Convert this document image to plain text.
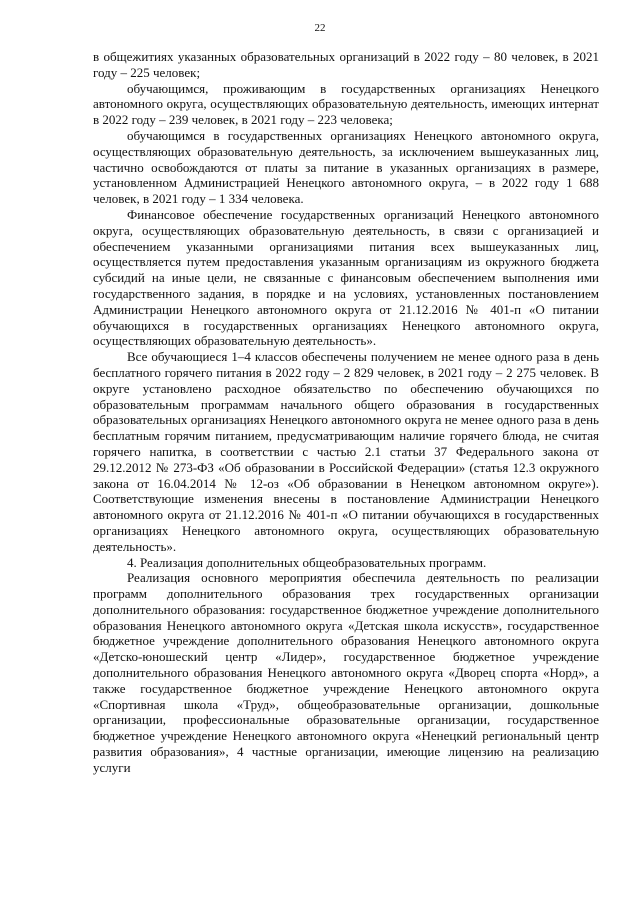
22

в общежитиях указанных образовательных организаций в 2022 году – 80 человек, в 2021 году – 225 человек;

обучающимся, проживающим в государственных организациях Ненецкого автономного округа, осуществляющих образовательную деятельность, имеющих интернат в 2022 году – 239 человек, в 2021 году – 223 человека;

обучающимся в государственных организациях Ненецкого автономного округа, осуществляющих образовательную деятельность, за исключением вышеуказанных лиц, частично освобождаются от платы за питание в указанных организациях в размере, установленном Администрацией Ненецкого автономного округа, – в 2022 году 1 688 человек, в 2021 году – 1 334 человека.

Финансовое обеспечение государственных организаций Ненецкого автономного округа, осуществляющих образовательную деятельность, в связи с организацией и обеспечением указанными организациями питания всех вышеуказанных лиц, осуществляется путем предоставления указанным организациям из окружного бюджета субсидий на иные цели, не связанные с финансовым обеспечением выполнения ими государственного задания, в порядке и на условиях, установленных постановлением Администрации Ненецкого автономного округа от 21.12.2016 № 401-п «О питании обучающихся в государственных организациях Ненецкого автономного округа, осуществляющих образовательную деятельность».

Все обучающиеся 1–4 классов обеспечены получением не менее одного раза в день бесплатного горячего питания в 2022 году – 2 829 человек, в 2021 году – 2 275 человек. В округе установлено расходное обязательство по обеспечению обучающихся по образовательным программам начального общего образования в государственных образовательных организациях Ненецкого автономного округа не менее одного раза в день бесплатным горячим питанием, предусматривающим наличие горячего блюда, не считая горячего напитка, в соответствии с частью 2.1 статьи 37 Федерального закона от 29.12.2012 № 273-ФЗ «Об образовании в Российской Федерации» (статья 12.3 окружного закона от 16.04.2014 № 12-оз «Об образовании в Ненецком автономном округе»). Соответствующие изменения внесены в постановление Администрации Ненецкого автономного округа от 21.12.2016 № 401-п «О питании обучающихся в государственных организациях Ненецкого автономного округа, осуществляющих образовательную деятельность».

4. Реализация дополнительных общеобразовательных программ.

Реализация основного мероприятия обеспечила деятельность по реализации программ дополнительного образования трех государственных организации дополнительного образования: государственное бюджетное учреждение дополнительного образования Ненецкого автономного округа «Детская школа искусств», государственное бюджетное учреждение дополнительного образования Ненецкого автономного округа «Детско-юношеский центр «Лидер», государственное бюджетное учреждение дополнительного образования Ненецкого автономного округа «Дворец спорта «Норд», а также государственное бюджетное учреждение Ненецкого автономного округа «Спортивная школа «Труд», общеобразовательные организации, дошкольные организации, профессиональные образовательные организации, государственное бюджетное учреждение Ненецкого автономного округа «Ненецкий региональный центр развития образования», 4 частные организации, имеющие лицензию на реализацию услуги
